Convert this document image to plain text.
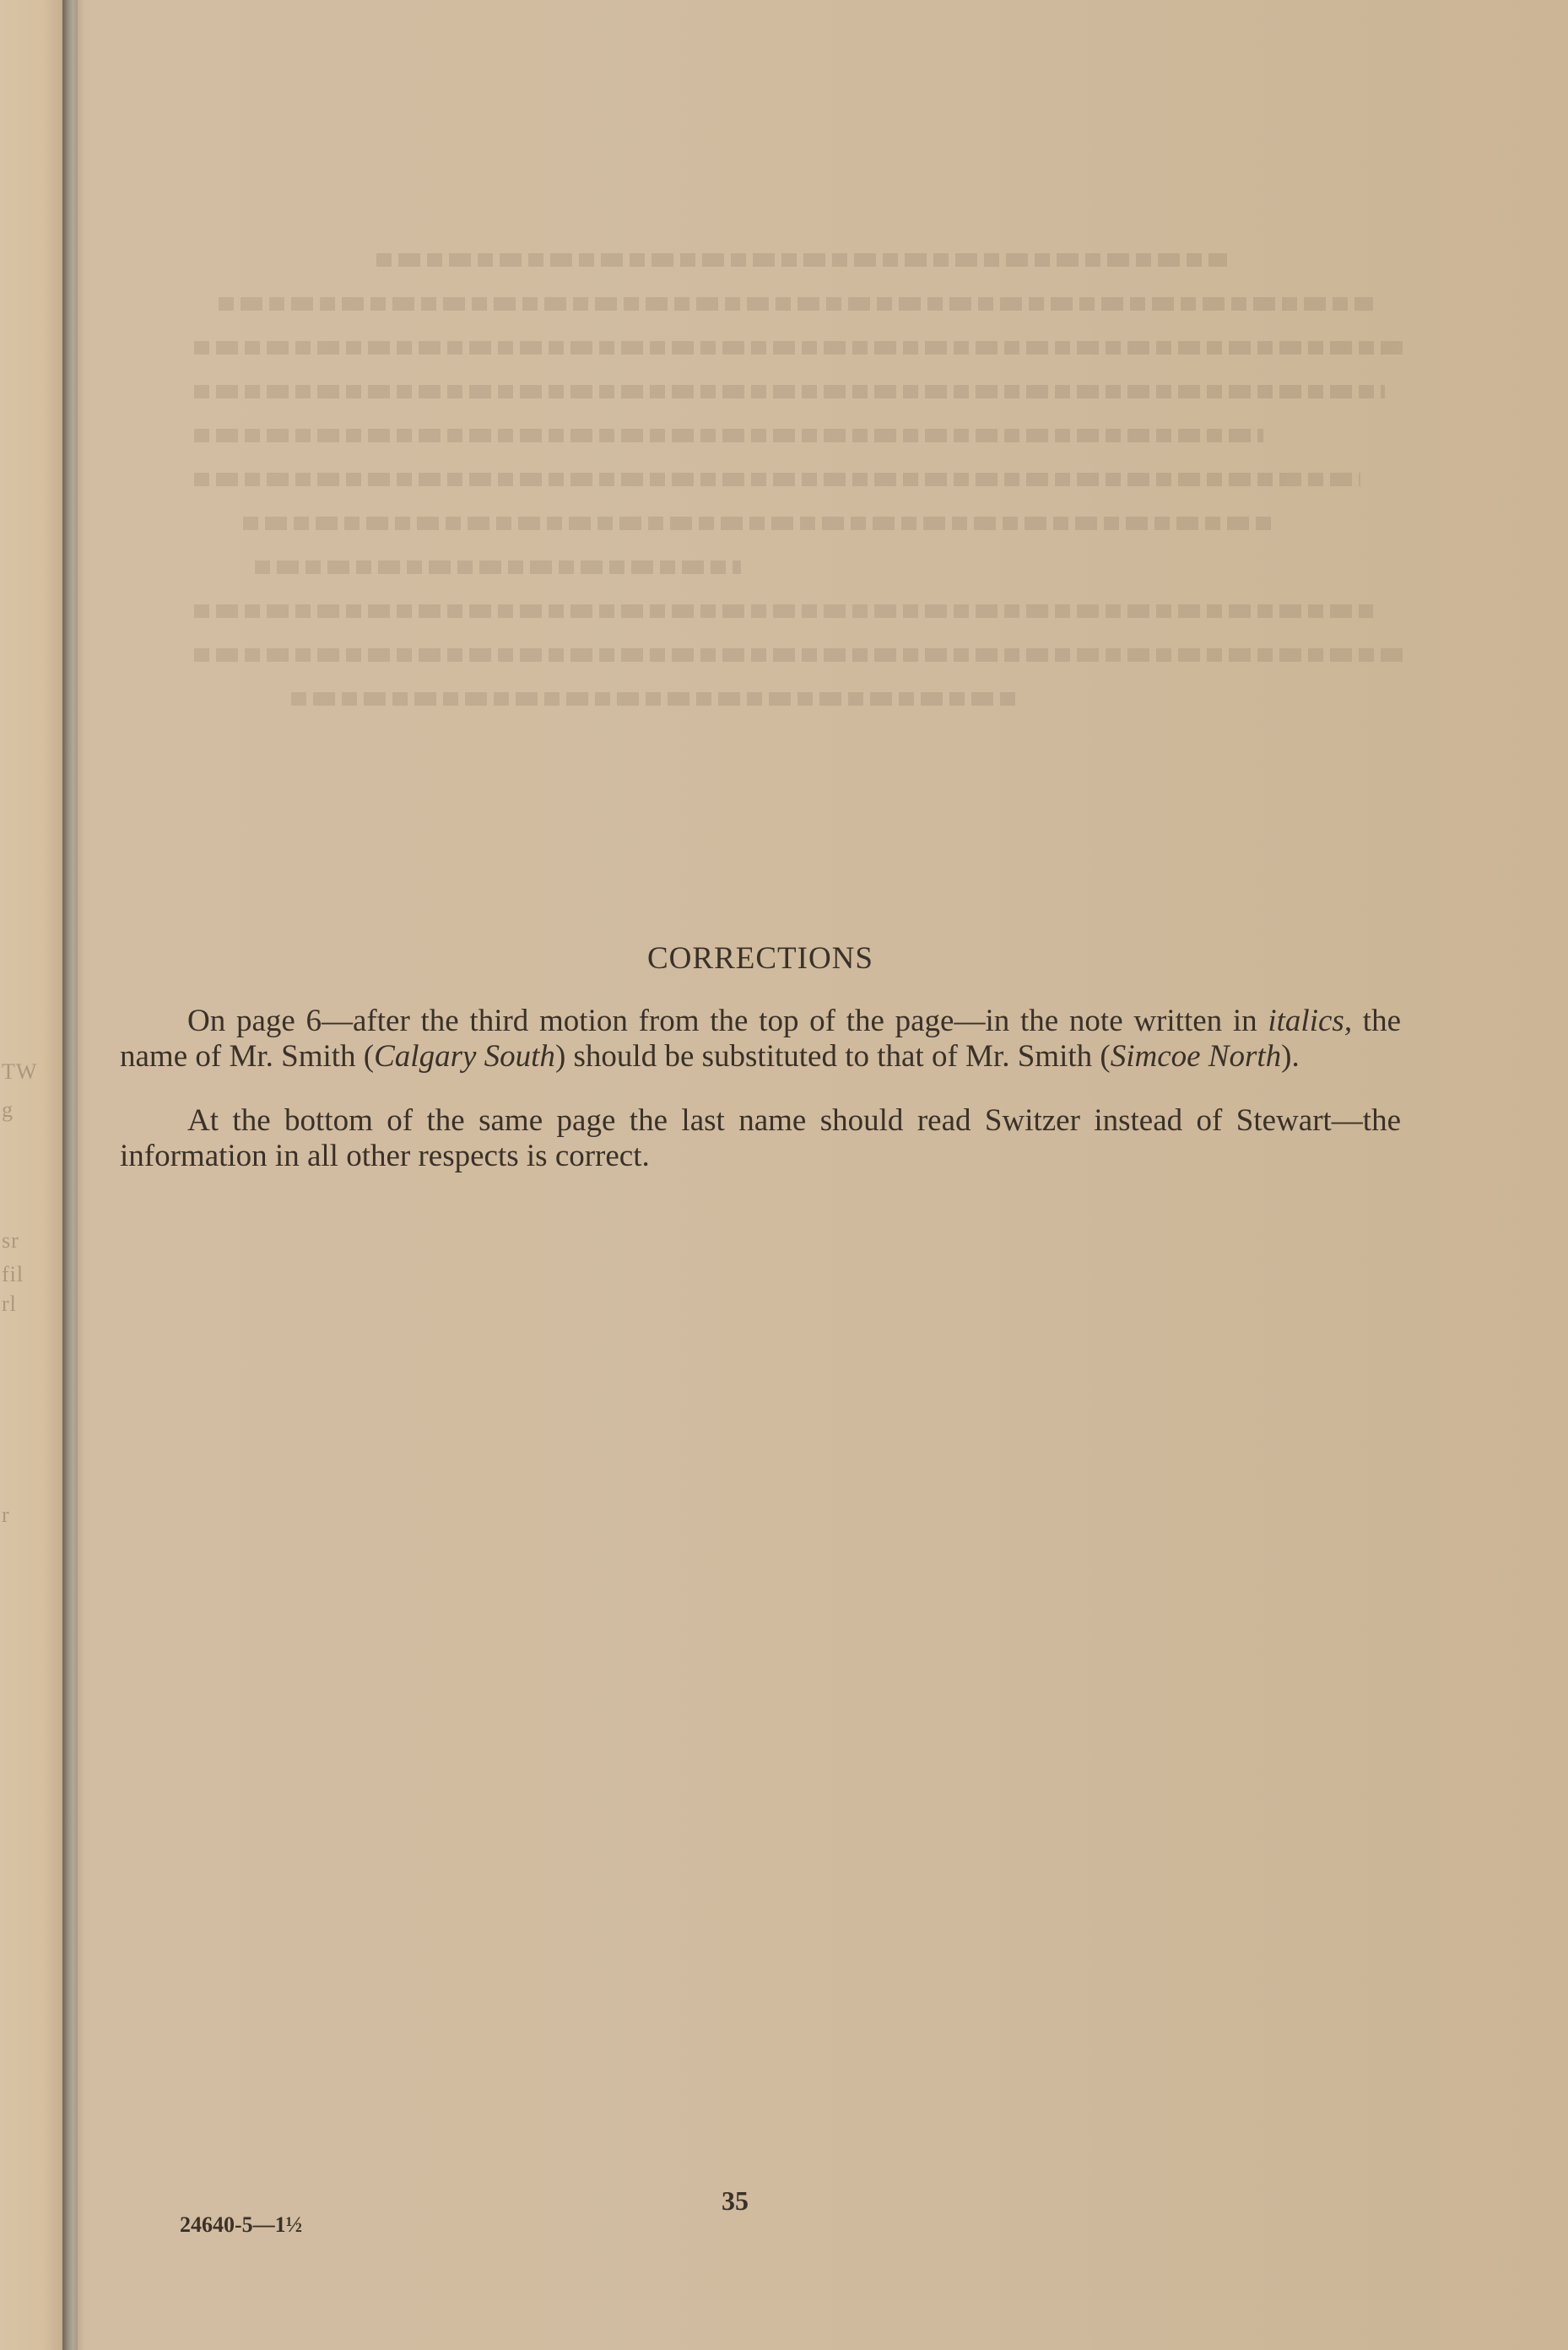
TW
g
sr
fil
rl
r
CORRECTIONS

On page 6—after the third motion from the top of the page—in the note written in italics, the name of Mr. Smith (Calgary South) should be substituted to that of Mr. Smith (Simcoe North).

At the bottom of the same page the last name should read Switzer instead of Stewart—the information in all other respects is correct.

35
24640-5—1½
